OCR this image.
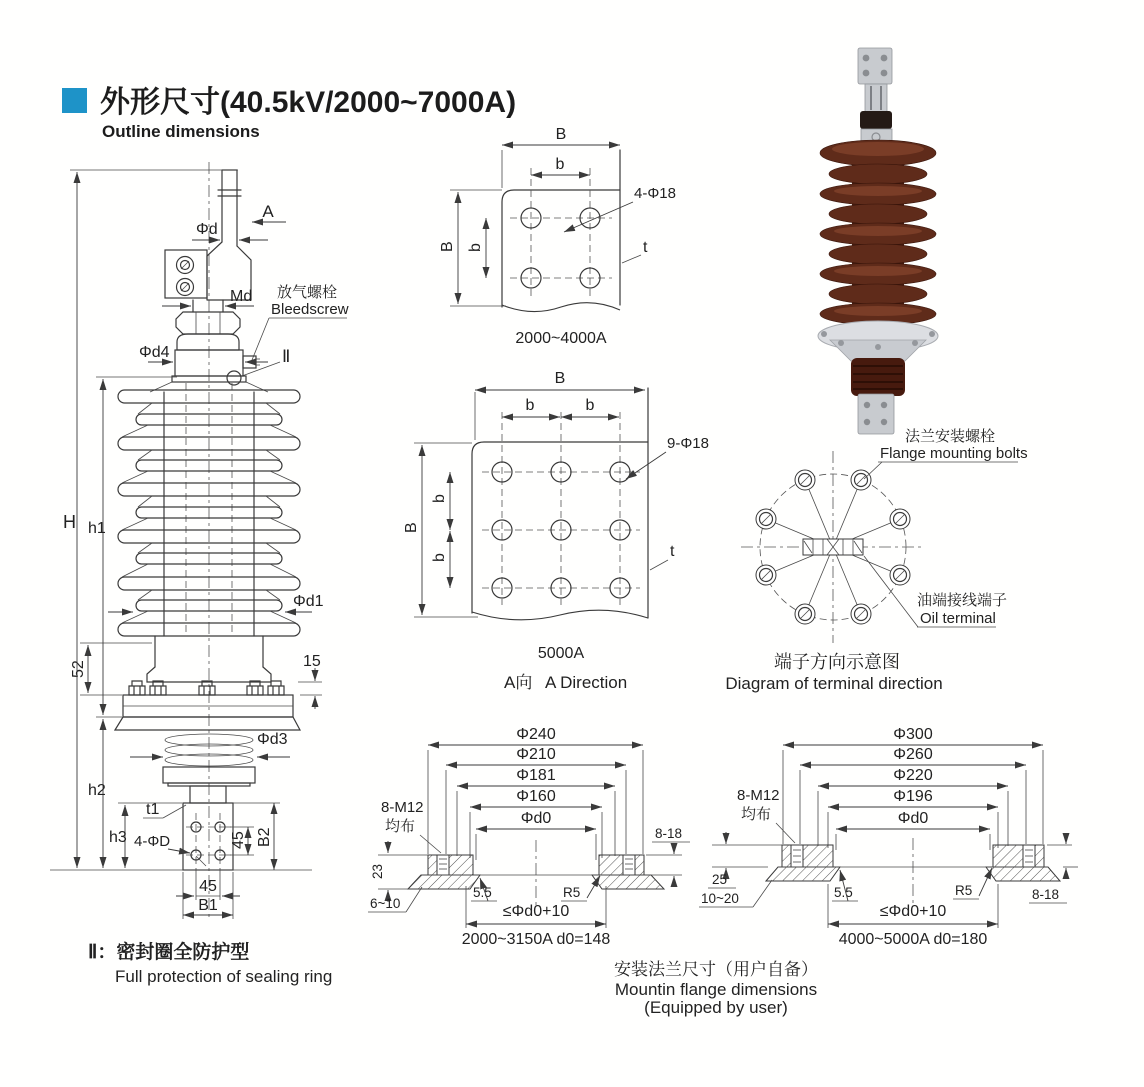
外形尺寸(40.5kV/2000~7000A)
Outline dimensions
A
Φd
Md 放气螺栓
Bleedscrew
Φd4	Ⅱ
Φd1
52	15
Φd3
t1
4-ΦD	45 B2
45
B1
H h1
h2
h3
Ⅱ：密封圈全防护型
Full protection of sealing ring
B
b
B b
4-Φ18
t
2000~4000A
B
b	b
B
b
b
9-Φ18
t
5000A
A向 A Direction
法兰安装螺栓
Flange mounting bolts
油端接线端子
Oil terminal
端子方向示意图
Diagram of terminal direction
Φ240
Φ210
Φ181
Φ160
Φd0
8-M12
均布
23
6~10
5.5	R5
8-18
≤Φd0+10
2000~3150A d0=148
Φ300
Φ260
Φ220
Φ196
Φd0
8-M12
均布
25
10~20	5.5	R5	8-18
≤Φd0+10
4000~5000A d0=180
安装法兰尺寸（用户自备）
Mountin flange dimensions
(Equipped by user)
